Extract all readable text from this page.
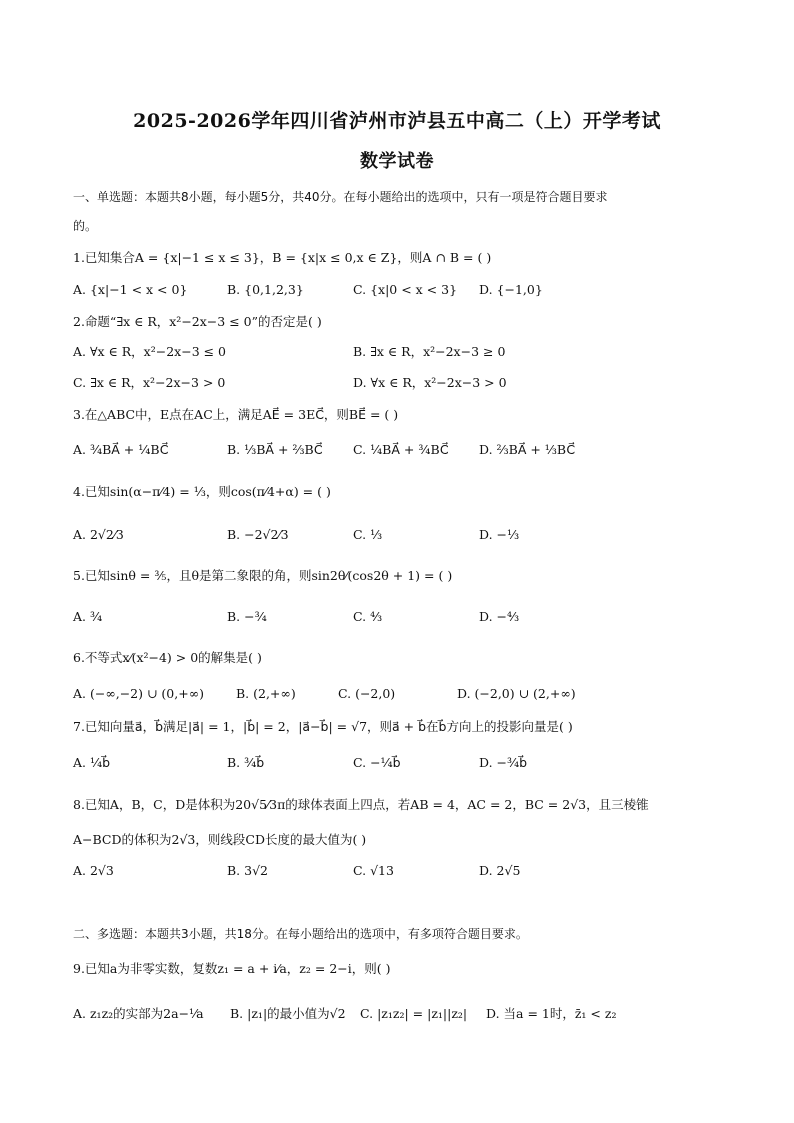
2025-2026学年四川省泸州市泸县五中高二（上）开学考试
数学试卷
一、单选题：本题共8小题，每小题5分，共40分。在每小题给出的选项中，只有一项是符合题目要求
的。
1.已知集合A = {x|−1 ≤ x ≤ 3}，B = {x|x ≤ 0,x ∈ Z}，则A ∩ B = ( )
A. {x|−1 < x < 0}	B. {0,1,2,3}	C. {x|0 < x < 3} D. {−1,0}
2.命题“∃x ∈ R，x²−2x−3 ≤ 0”的否定是( )
A. ∀x ∈ R，x²−2x−3 ≤ 0	B. ∃x ∈ R，x²−2x−3 ≥ 0
C. ∃x ∈ R，x²−2x−3 > 0	D. ∀x ∈ R，x²−2x−3 > 0
3.在△ABC中，E点在AC上，满足AE⃗ = 3EC⃗，则BE⃗ = ( )
A. ³⁄₄BA⃗ + ¹⁄₄BC⃗	B. ¹⁄₃BA⃗ + ²⁄₃BC⃗ C. ¹⁄₄BA⃗ + ³⁄₄BC⃗ D. ²⁄₃BA⃗ + ¹⁄₃BC⃗
4.已知sin(α−π⁄4) = ¹⁄₃，则cos(π⁄4+α) = ( )
A. 2√2⁄3	B. −2√2⁄3	C. ¹⁄₃	D. −¹⁄₃
5.已知sinθ = ³⁄₅，且θ是第二象限的角，则sin2θ⁄(cos2θ + 1) = ( )
A. ³⁄₄	B. −³⁄₄	C. ⁴⁄₃	D. −⁴⁄₃
6.不等式x⁄(x²−4) > 0的解集是( )
A. (−∞,−2) ∪ (0,+∞)	B. (2,+∞)	C. (−2,0)	D. (−2,0) ∪ (2,+∞)
7.已知向量a⃗，b⃗满足|a⃗| = 1，|b⃗| = 2，|a⃗−b⃗| = √7，则a⃗ + b⃗在b⃗方向上的投影向量是( )
A. ¹⁄₄b⃗	B. ³⁄₄b⃗	C. −¹⁄₄b⃗	D. −³⁄₄b⃗
8.已知A，B，C，D是体积为20√5⁄3π的球体表面上四点，若AB = 4，AC = 2，BC = 2√3，且三棱锥
A−BCD的体积为2√3，则线段CD长度的最大值为( )
A. 2√3	B. 3√2	C. √13	D. 2√5
二、多选题：本题共3小题，共18分。在每小题给出的选项中，有多项符合题目要求。
9.已知a为非零实数，复数z₁ = a + i⁄a，z₂ = 2−i，则( )
A. z₁z₂的实部为2a−¹⁄a B. |z₁|的最小值为√2 C. |z₁z₂| = |z₁||z₂| D. 当a = 1时，z̄₁ < z₂
